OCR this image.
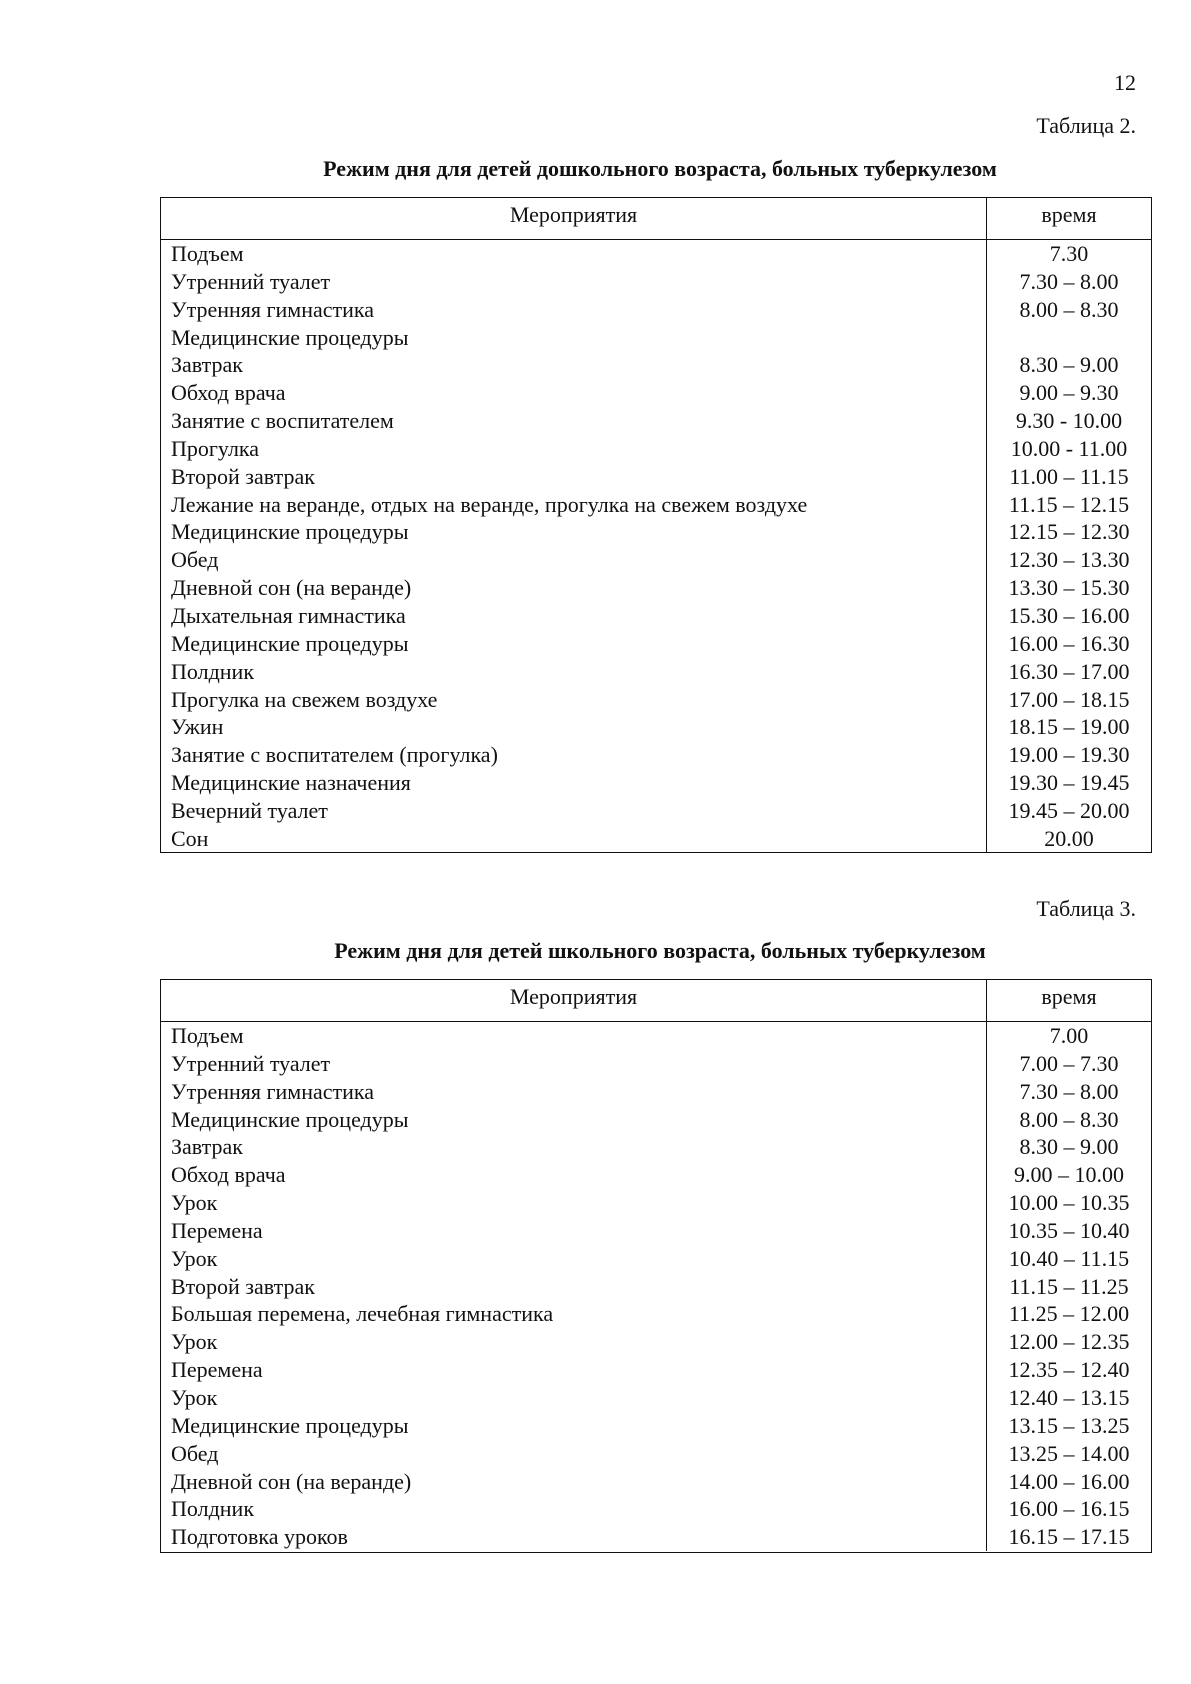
12
Таблица 2.
Режим дня для детей дошкольного возраста, больных туберкулезом
Мероприятия	время
Подъем
Утренний туалет
Утренняя гимнастика
Медицинские процедуры
Завтрак
Обход врача
Занятие с воспитателем
Прогулка
Второй завтрак
Лежание на веранде, отдых на веранде, прогулка на свежем воздухе
Медицинские процедуры
Обед
Дневной сон (на веранде)
Дыхательная гимнастика
Медицинские процедуры
Полдник
Прогулка на свежем воздухе
Ужин
Занятие с воспитателем (прогулка)
Медицинские назначения
Вечерний туалет
Сон
7.30
7.30 – 8.00
8.00 – 8.30
8.30 – 9.00
9.00 – 9.30
9.30 - 10.00
10.00 - 11.00
11.00 – 11.15
11.15 – 12.15
12.15 – 12.30
12.30 – 13.30
13.30 – 15.30
15.30 – 16.00
16.00 – 16.30
16.30 – 17.00
17.00 – 18.15
18.15 – 19.00
19.00 – 19.30
19.30 – 19.45
19.45 – 20.00
20.00
Таблица 3.
Режим дня для детей школьного возраста, больных туберкулезом
Мероприятия	время
Подъем
Утренний туалет
Утренняя гимнастика
Медицинские процедуры
Завтрак
Обход врача
Урок
Перемена
Урок
Второй завтрак
Большая перемена, лечебная гимнастика
Урок
Перемена
Урок
Медицинские процедуры
Обед
Дневной сон (на веранде)
Полдник
Подготовка уроков
7.00
7.00 – 7.30
7.30 – 8.00
8.00 – 8.30
8.30 – 9.00
9.00 – 10.00
10.00 – 10.35
10.35 – 10.40
10.40 – 11.15
11.15 – 11.25
11.25 – 12.00
12.00 – 12.35
12.35 – 12.40
12.40 – 13.15
13.15 – 13.25
13.25 – 14.00
14.00 – 16.00
16.00 – 16.15
16.15 – 17.15
